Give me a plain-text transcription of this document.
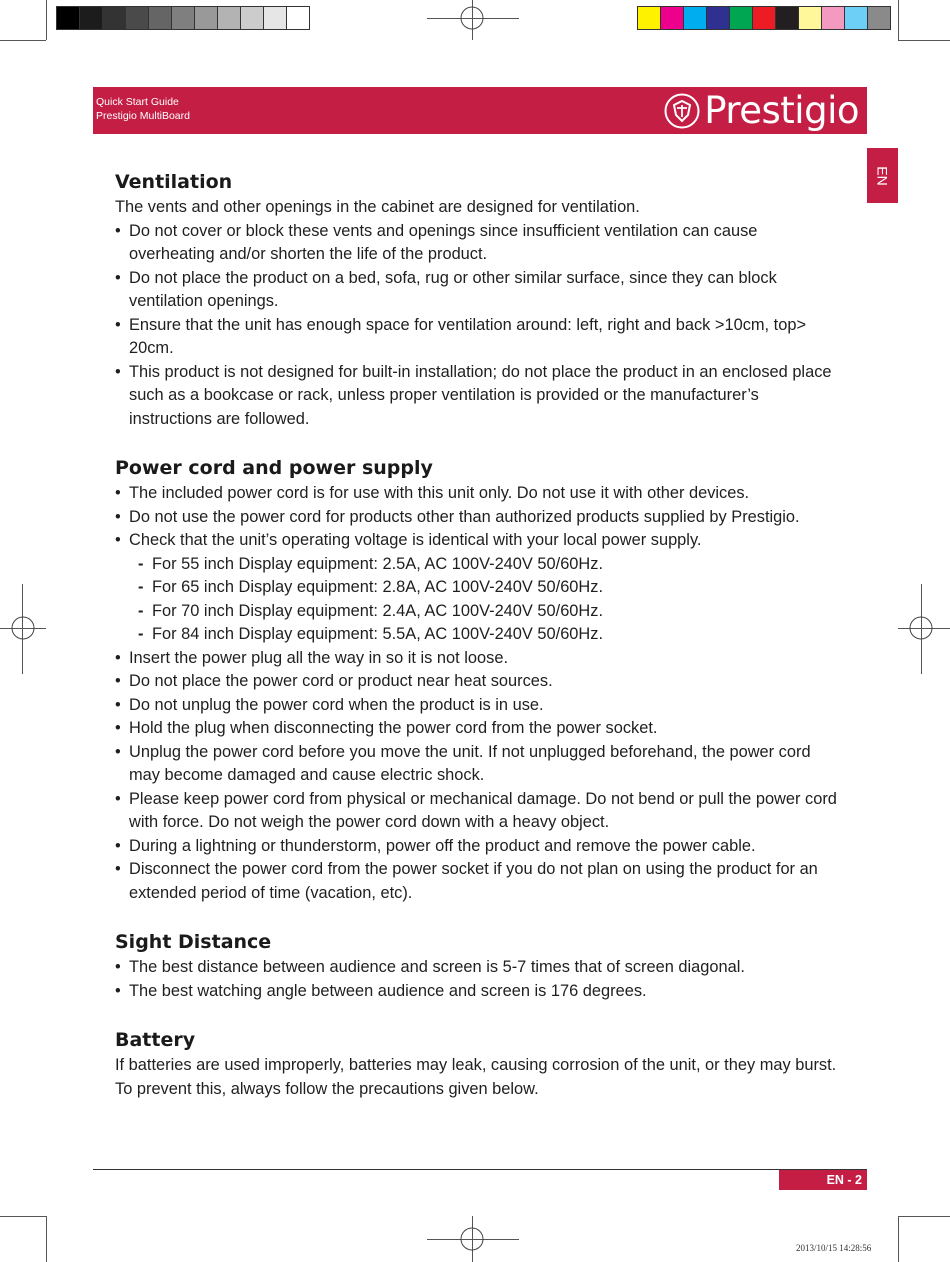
Quick Start Guide
Prestigio MultiBoard	Prestigio
EN
Ventilation

The vents and other openings in the cabinet are designed for ventilation.

• Do not cover or block these vents and openings since insufficient ventilation can cause overheating and/or shorten the life of the product.
• Do not place the product on a bed, sofa, rug or other similar surface, since they can block ventilation openings.
• Ensure that the unit has enough space for ventilation around: left, right and back >10cm, top> 20cm.
• This product is not designed for built-in installation; do not place the product in an enclosed place such as a bookcase or rack, unless proper ventilation is provided or the manufacturer’s instructions are followed.
Power cord and power supply
• The included power cord is for use with this unit only. Do not use it with other devices.
• Do not use the power cord for products other than authorized products supplied by Prestigio.
• Check that the unit’s operating voltage is identical with your local power supply.
- For 55 inch Display equipment: 2.5A, AC 100V-240V 50/60Hz.
- For 65 inch Display equipment: 2.8A, AC 100V-240V 50/60Hz.
- For 70 inch Display equipment: 2.4A, AC 100V-240V 50/60Hz.
- For 84 inch Display equipment: 5.5A, AC 100V-240V 50/60Hz.
• Insert the power plug all the way in so it is not loose.
• Do not place the power cord or product near heat sources.
• Do not unplug the power cord when the product is in use.
• Hold the plug when disconnecting the power cord from the power socket.
• Unplug the power cord before you move the unit. If not unplugged beforehand, the power cord may become damaged and cause electric shock.
• Please keep power cord from physical or mechanical damage. Do not bend or pull the power cord with force. Do not weigh the power cord down with a heavy object.
• During a lightning or thunderstorm, power off the product and remove the power cable.
• Disconnect the power cord from the power socket if you do not plan on using the product for an extended period of time (vacation, etc).
Sight Distance
• The best distance between audience and screen is 5-7 times that of screen diagonal.
• The best watching angle between audience and screen is 176 degrees.
Battery

If batteries are used improperly, batteries may leak, causing corrosion of the unit, or they may burst. To prevent this, always follow the precautions given below.

EN - 2
2013/10/15 14:28:56
